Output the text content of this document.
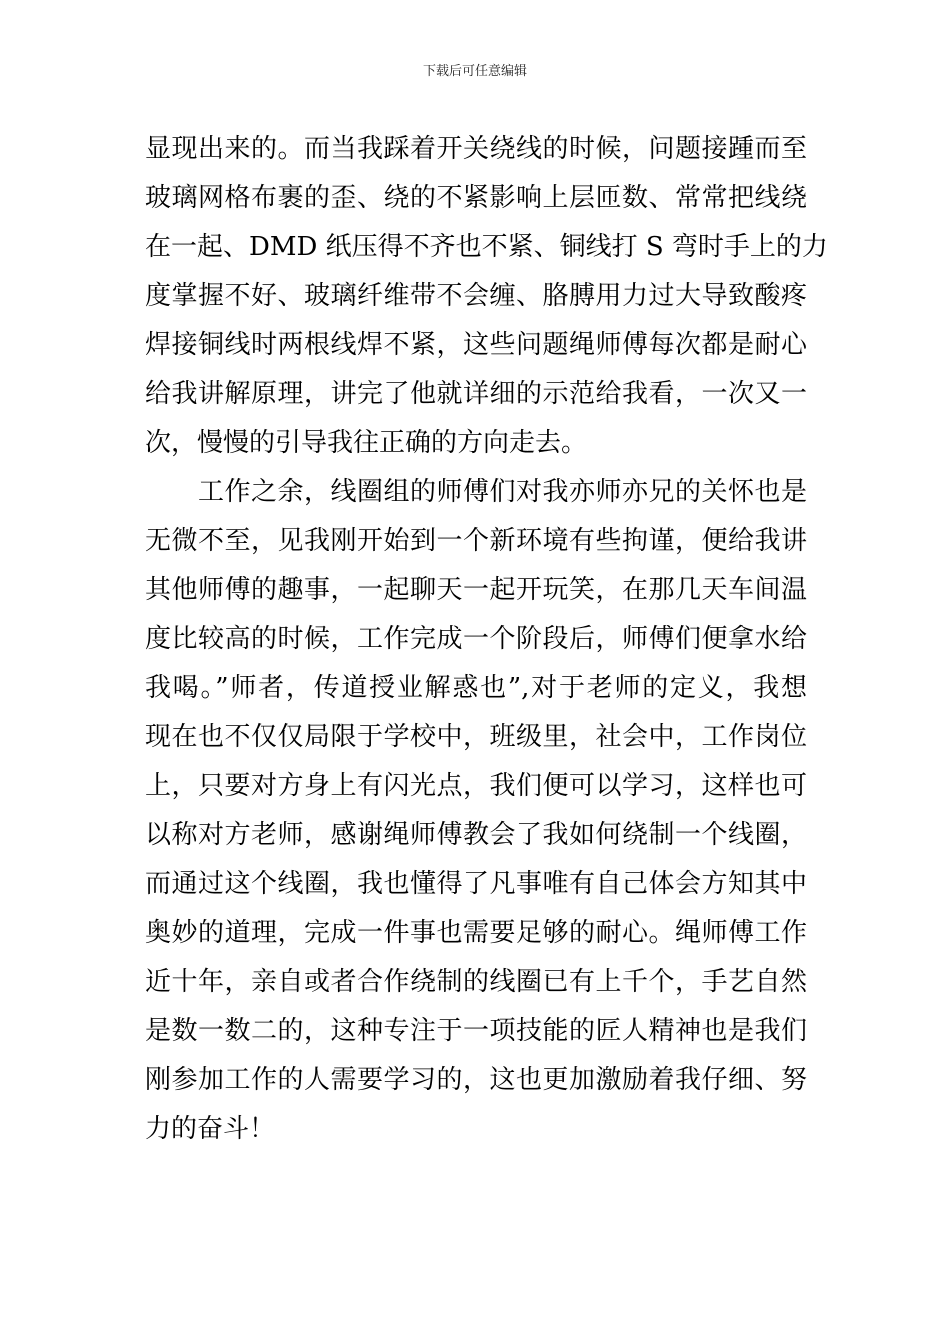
下载后可任意编辑
显现出来的。而当我踩着开关绕线的时候，问题接踵而至
玻璃网格布裹的歪、绕的不紧影响上层匝数、常常把线绕
在一起、DMD 纸压得不齐也不紧、铜线打 S 弯时手上的力
度掌握不好、玻璃纤维带不会缠、胳膊用力过大导致酸疼
焊接铜线时两根线焊不紧，这些问题绳师傅每次都是耐心
给我讲解原理，讲完了他就详细的示范给我看，一次又一
次，慢慢的引导我往正确的方向走去。
　　工作之余，线圈组的师傅们对我亦师亦兄的关怀也是
无微不至，见我刚开始到一个新环境有些拘谨，便给我讲
其他师傅的趣事，一起聊天一起开玩笑，在那几天车间温
度比较高的时候，工作完成一个阶段后，师傅们便拿水给
我喝。”师者，传道授业解惑也”,对于老师的定义，我想
现在也不仅仅局限于学校中，班级里，社会中，工作岗位
上，只要对方身上有闪光点，我们便可以学习，这样也可
以称对方老师，感谢绳师傅教会了我如何绕制一个线圈，
而通过这个线圈，我也懂得了凡事唯有自己体会方知其中
奥妙的道理，完成一件事也需要足够的耐心。绳师傅工作
近十年，亲自或者合作绕制的线圈已有上千个，手艺自然
是数一数二的，这种专注于一项技能的匠人精神也是我们
刚参加工作的人需要学习的，这也更加激励着我仔细、努
力的奋斗！
